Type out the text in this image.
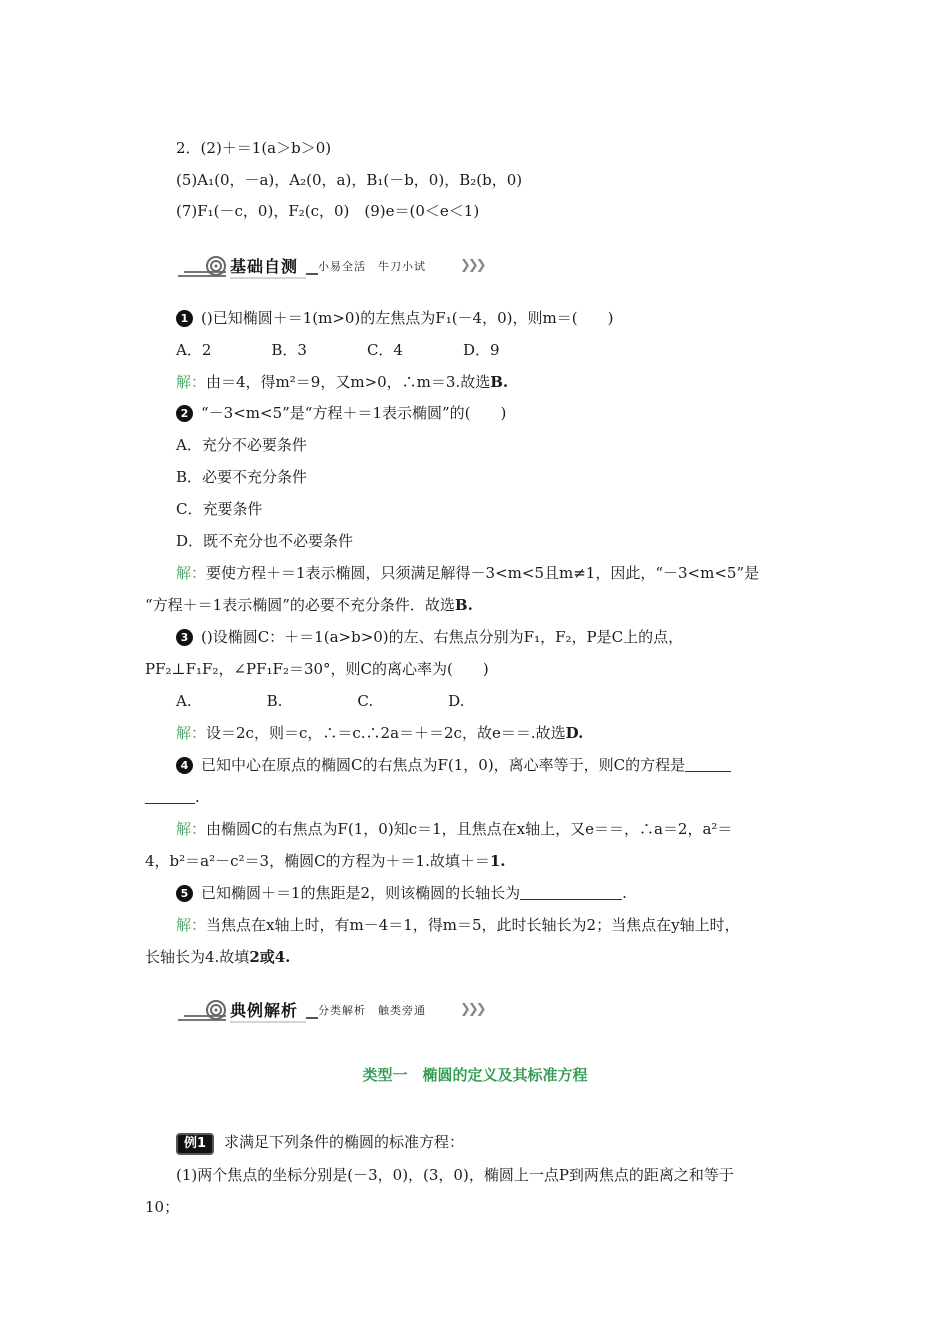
2．(2)＋＝1(a＞b＞0)
(5)A₁(0，－a)，A₂(0，a)，B₁(－b，0)，B₂(b，0)
(7)F₁(－c，0)，F₂(c，0)　(9)e＝(0＜e＜1)
基础自测 小易全活　牛刀小试	❯❯❯
1 ()已知椭圆＋＝1(m>0)的左焦点为F₁(－4，0)，则m＝(　　)
A．2　　　　B．3　　　　C．4　　　　D．9
解：由＝4，得m²＝9，又m>0，∴m＝3.故选B.
2 “－3<m<5”是“方程＋＝1表示椭圆”的(　　)
A．充分不必要条件
B．必要不充分条件
C．充要条件
D．既不充分也不必要条件
解：要使方程＋＝1表示椭圆，只须满足解得－3<m<5且m≠1，因此，“－3<m<5”是
“方程＋＝1表示椭圆”的必要不充分条件．故选B.
3 ()设椭圆C：＋＝1(a>b>0)的左、右焦点分别为F₁，F₂，P是C上的点，
PF₂⊥F₁F₂，∠PF₁F₂＝30°，则C的离心率为(　　)
A.　　　　　B.　　　　　C.　　　　　D.
解：设＝2c，则＝c，∴＝c.∴2a＝＋＝2c，故e＝＝.故选D.
4 已知中心在原点的椭圆C的右焦点为F(1，0)，离心率等于，则C的方程是
.
解：由椭圆C的右焦点为F(1，0)知c＝1，且焦点在x轴上，又e＝＝，∴a＝2，a²＝
4，b²＝a²－c²＝3，椭圆C的方程为＋＝1.故填＋＝1.
5 已知椭圆＋＝1的焦距是2，则该椭圆的长轴长为	.
解：当焦点在x轴上时，有m－4＝1，得m＝5，此时长轴长为2；当焦点在y轴上时，
长轴长为4.故填2或4.
典例解析 分类解析　触类旁通	❯❯❯
类型一　椭圆的定义及其标准方程
例1 求满足下列条件的椭圆的标准方程：
(1)两个焦点的坐标分别是(－3，0)，(3，0)，椭圆上一点P到两焦点的距离之和等于
10；
